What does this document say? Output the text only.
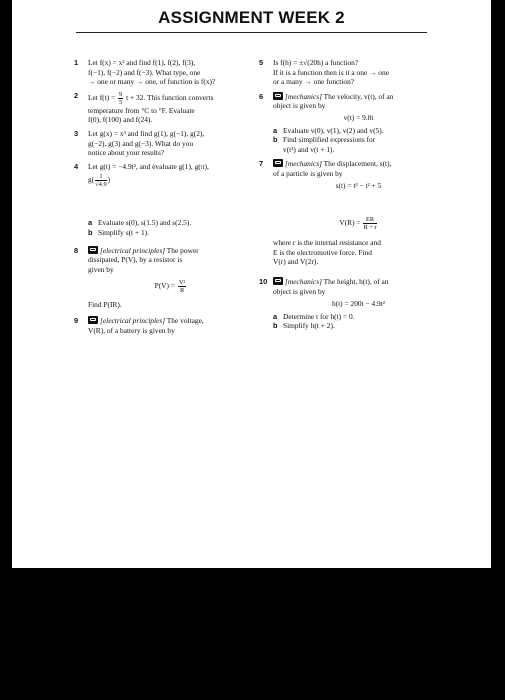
ASSIGNMENT WEEK 2
1 Let f(x) = x² and find f(1), f(2), f(3),
f(−1), f(−2) and f(−3). What type, one
→ one or many → one, of function is f(x)?
2 Let $f(t) = \frac{9}{5}$ t + 32. This function converts
temperature from °C to °F. Evaluate
f(0), f(100) and f(24).
3 Let g(x) = x³ and find g(1), g(−1), g(2),
g(−2), g(3) and g(−3). What do you
notice about your results?
4 Let g(t) = −4.9t², and evaluate g(1), g(π),
$g( \frac{1}{√4.9}$ )
a Evaluate s(0), s(1.5) and s(2.5).
b Simplify s(t + 1).
8	[electrical principles] The power
dissipated, P(V), by a resistor is
given by
$P(V) = \frac{\text{V²}}{R}$
Find P(IR).
9	[electrical principles] The voltage,
V(R), of a battery is given by
5 Is f(h) = ±√(20h) a function?
If it is a function then is it a one → one
or a many → one function?
6	[mechanics] The velocity, v(t), of an
object is given by
v(t) = 9.8t
a Evaluate v(0), v(1), v(2) and v(5).
b Find simplified expressions for
v(t²) and v(t + 1).
7	[mechanics] The displacement, s(t),
of a particle is given by
s(t) = t³ − t² + 5
$V(R) = \frac{ER}{R + r}$
where r is the internal resistance and
E is the electromotive force. Find
V(r) and V(2r).
10	[mechanics] The height, h(t), of an
object is given by
h(t) = 200t − 4.9t²
a Determine t for h(t) = 0.
b Simplify h(t + 2).
